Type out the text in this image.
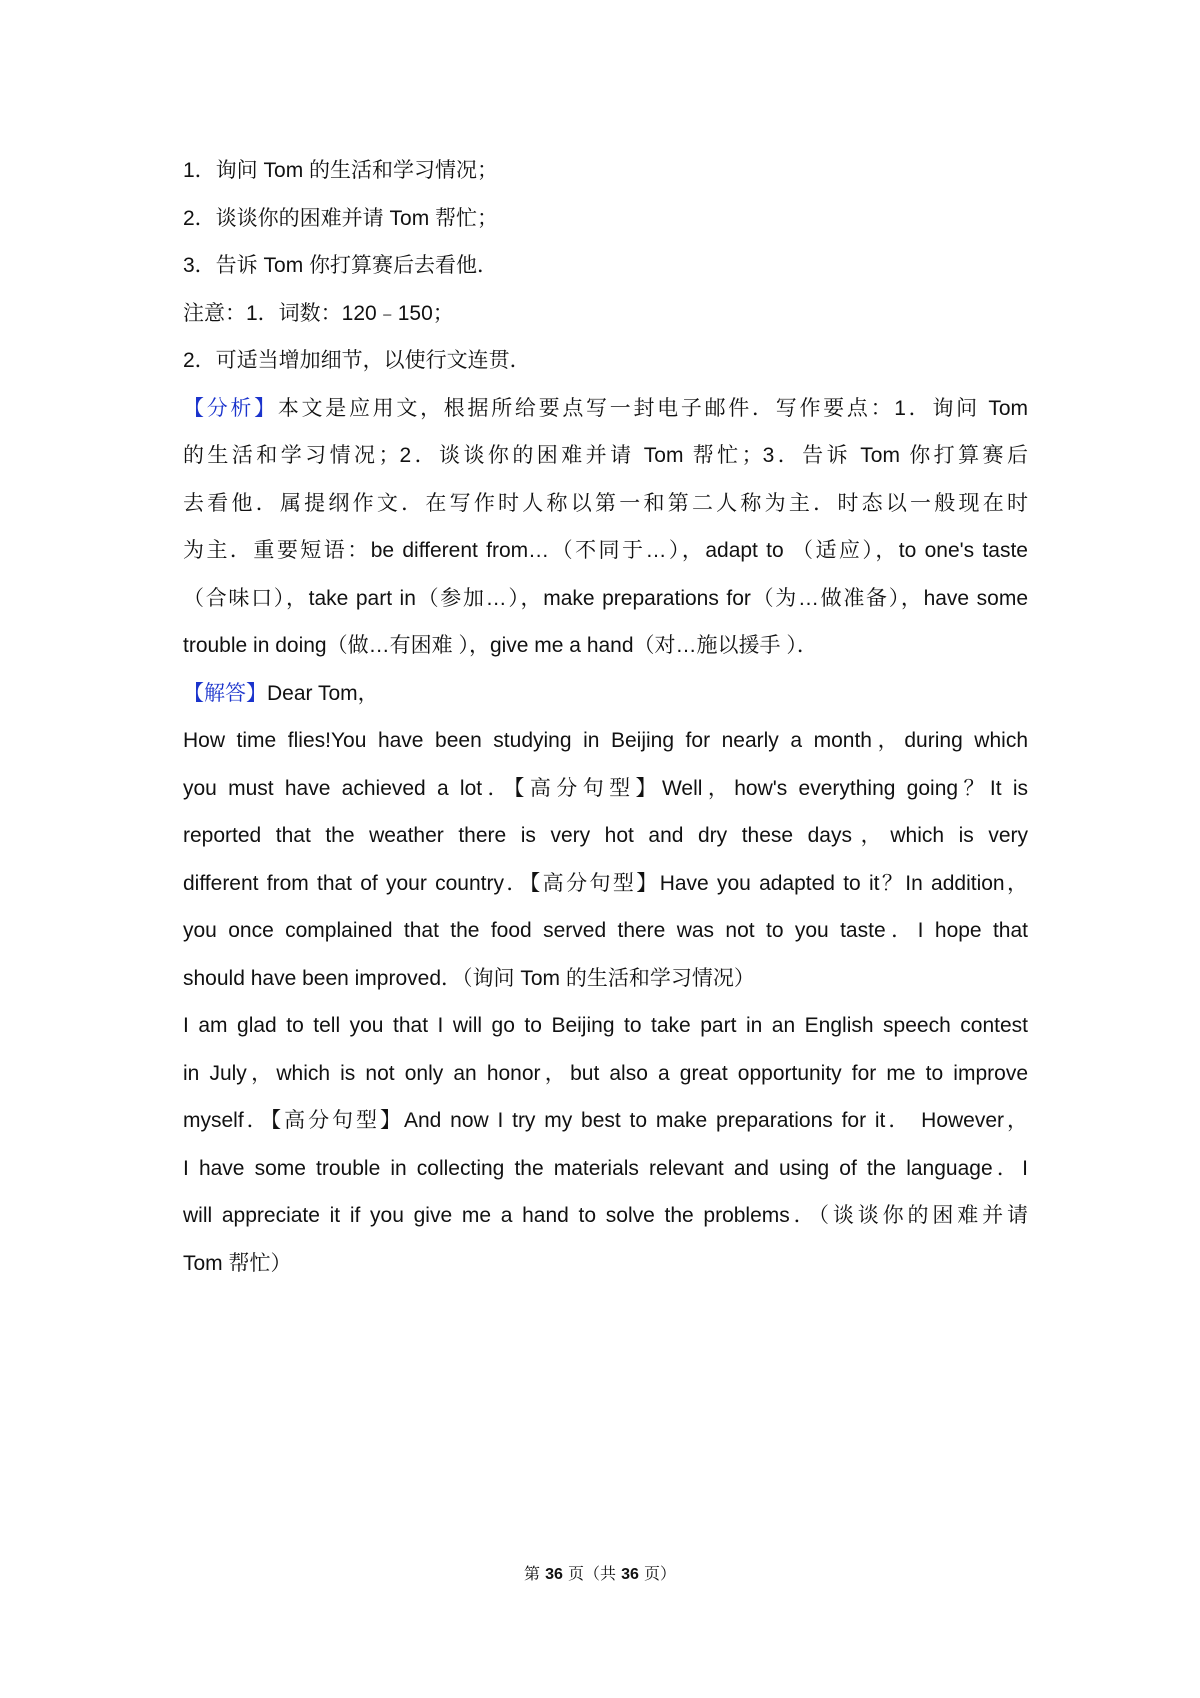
1．询问 Tom 的生活和学习情况；
2．谈谈你的困难并请 Tom 帮忙；
3．告诉 Tom 你打算赛后去看他．
注意：1．词数：120﹣150；
2．可适当增加细节，以使行文连贯．
【分析】本文是应用文，根据所给要点写一封电子邮件．写作要点：1．询问 Tom
的生活和学习情况；2．谈谈你的困难并请 Tom 帮忙；3．告诉 Tom 你打算赛后
去看他．属提纲作文．在写作时人称以第一和第二人称为主．时态以一般现在时
为主．重要短语：be different from…（不同于…），adapt to （适应），to one's taste
（合味口），take part in（参加…），make preparations for（为…做准备），have some
trouble in doing（做…有困难 ），give me a hand（对…施以援手 ）．
【解答】Dear Tom，
How time flies!You have been studying in Beijing for nearly a month，during which
you must have achieved a lot．【高分句型】Well，how's everything going？It is
reported that the weather there is very hot and dry these days，which is very
different from that of your country．【高分句型】Have you adapted to it？In addition，
you once complained that the food served there was not to you taste．I hope that
should have been improved．（询问 Tom 的生活和学习情况）
I am glad to tell you that I will go to Beijing to take part in an English speech contest
in July，which is not only an honor，but also a great opportunity for me to improve
myself．【高分句型】And now I try my best to make preparations for it． However，
I have some trouble in collecting the materials relevant and using of the language．I
will appreciate it if you give me a hand to solve the problems．（谈谈你的困难并请
Tom 帮忙）
第 36 页（共 36 页）
